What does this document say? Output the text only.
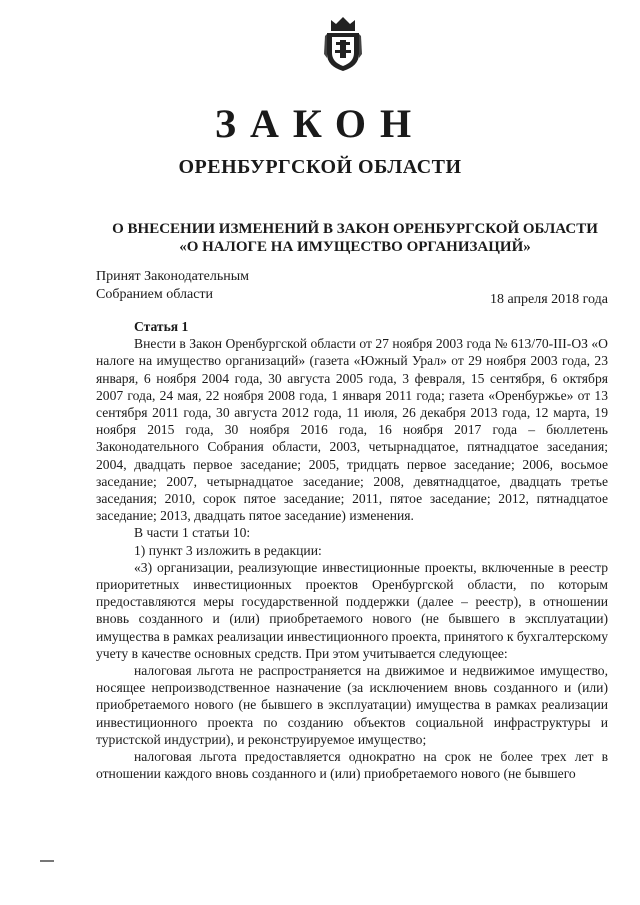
ЗАКОН
ОРЕНБУРГСКОЙ ОБЛАСТИ
О ВНЕСЕНИИ ИЗМЕНЕНИЙ В ЗАКОН ОРЕНБУРГСКОЙ ОБЛАСТИ
«О НАЛОГЕ НА ИМУЩЕСТВО ОРГАНИЗАЦИЙ»
Принят Законодательным
Собранием области	18 апреля 2018 года

Статья 1

Внести в Закон Оренбургской области от 27 ноября 2003 года № 613/70-III-ОЗ «О налоге на имущество организаций» (газета «Южный Урал» от 29 ноября 2003 года, 23 января, 6 ноября 2004 года, 30 августа 2005 года, 3 февраля, 15 сентября, 6 октября 2007 года, 24 мая, 22 ноября 2008 года, 1 января 2011 года; газета «Оренбуржье» от 13 сентября 2011 года, 30 августа 2012 года, 11 июля, 26 декабря 2013 года, 12 марта, 19 ноября 2015 года, 30 ноября 2016 года, 16 ноября 2017 года – бюллетень Законодательного Собрания области, 2003, четырнадцатое, пятнадцатое заседания; 2004, двадцать первое заседание; 2005, тридцать первое заседание; 2006, восьмое заседание; 2007, четырнадцатое заседание; 2008, девятнадцатое, двадцать третье заседания; 2010, сорок пятое заседание; 2011, пятое заседание; 2012, пятнадцатое заседание; 2013, двадцать пятое заседание) изменения.

В части 1 статьи 10:

1) пункт 3 изложить в редакции:

«3) организации, реализующие инвестиционные проекты, включенные в реестр приоритетных инвестиционных проектов Оренбургской области, по которым предоставляются меры государственной поддержки (далее – реестр), в отношении вновь созданного и (или) приобретаемого нового (не бывшего в эксплуатации) имущества в рамках реализации инвестиционного проекта, принятого к бухгалтерскому учету в качестве основных средств. При этом учитывается следующее:

налоговая льгота не распространяется на движимое и недвижимое имущество, носящее непроизводственное назначение (за исключением вновь созданного и (или) приобретаемого нового (не бывшего в эксплуатации) имущества в рамках реализации инвестиционного проекта по созданию объектов социальной инфраструктуры и туристской индустрии), и реконструируемое имущество;

налоговая льгота предоставляется однократно на срок не более трех лет в отношении каждого вновь созданного и (или) приобретаемого нового (не бывшего
